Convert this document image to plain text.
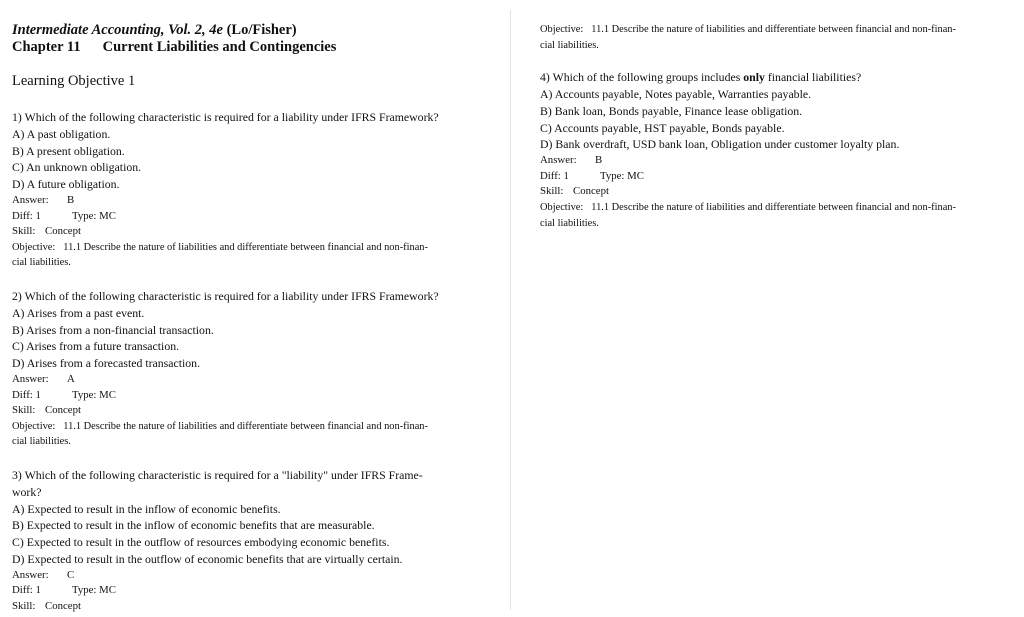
Intermediate Accounting, Vol. 2, 4e (Lo/Fisher)
Chapter 11 Current Liabilities and Contingencies
Learning Objective 1
1) Which of the following characteristic is required for a liability under IFRS Framework?
A) A past obligation.
B) A present obligation.
C) An unknown obligation.
D) A future obligation.
Answer: B
Diff: 1	Type: MC
Skill: Concept
Objective: 11.1 Describe the nature of liabilities and differentiate between financial and non-finan-
cial liabilities.
2) Which of the following characteristic is required for a liability under IFRS Framework?
A) Arises from a past event.
B) Arises from a non-financial transaction.
C) Arises from a future transaction.
D) Arises from a forecasted transaction.
Answer: A
Diff: 1	Type: MC
Skill: Concept
Objective: 11.1 Describe the nature of liabilities and differentiate between financial and non-finan-
cial liabilities.
3) Which of the following characteristic is required for a "liability" under IFRS Frame-
work?
A) Expected to result in the inflow of economic benefits.
B) Expected to result in the inflow of economic benefits that are measurable.
C) Expected to result in the outflow of resources embodying economic benefits.
D) Expected to result in the outflow of economic benefits that are virtually certain.
Answer: C
Diff: 1	Type: MC
Skill: Concept
Objective: 11.1 Describe the nature of liabilities and differentiate between financial and non-finan-
cial liabilities.
4) Which of the following groups includes only financial liabilities?
A) Accounts payable, Notes payable, Warranties payable.
B) Bank loan, Bonds payable, Finance lease obligation.
C) Accounts payable, HST payable, Bonds payable.
D) Bank overdraft, USD bank loan, Obligation under customer loyalty plan.
Answer: B
Diff: 1	Type: MC
Skill: Concept
Objective: 11.1 Describe the nature of liabilities and differentiate between financial and non-finan-
cial liabilities.
